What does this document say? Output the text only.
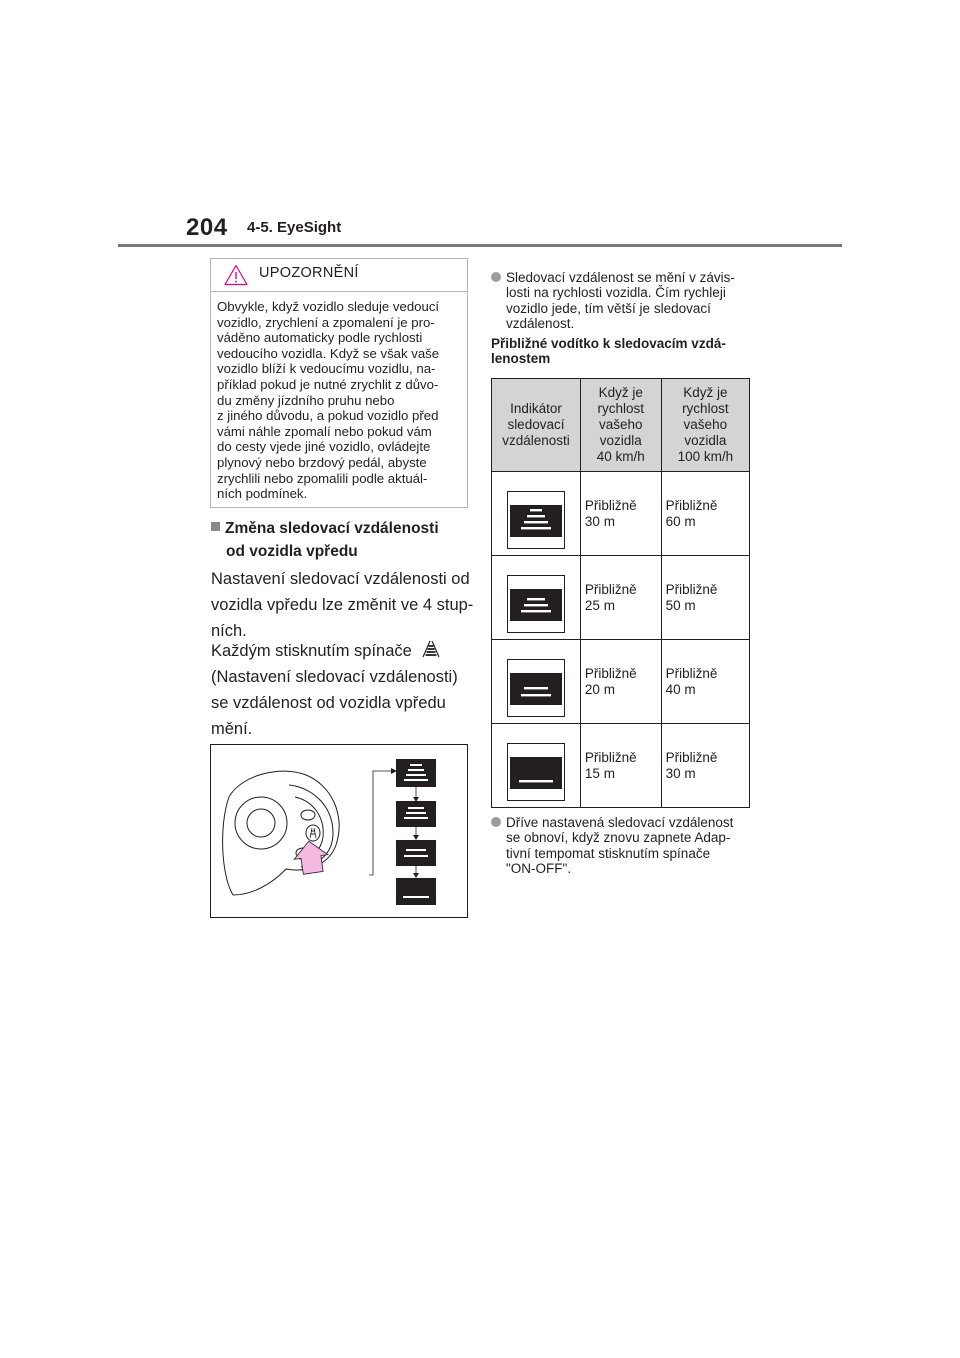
204 4-5. EyeSight
UPOZORNĚNÍ
Obvykle, když vozidlo sleduje vedoucí
vozidlo, zrychlení a zpomalení je pro-
váděno automaticky podle rychlosti
vedoucího vozidla. Když se však vaše
vozidlo blíží k vedoucímu vozidlu, na-
příklad pokud je nutné zrychlit z důvo-
du změny jízdního pruhu nebo
z jiného důvodu, a pokud vozidlo před
vámi náhle zpomalí nebo pokud vám
do cesty vjede jiné vozidlo, ovládejte
plynový nebo brzdový pedál, abyste
zrychlili nebo zpomalili podle aktuál-
ních podmínek.
Změna sledovací vzdálenosti
od vozidla vpředu
Nastavení sledovací vzdálenosti od
vozidla vpředu lze změnit ve 4 stup-
ních.
Každým stisknutím spínače
(Nastavení sledovací vzdálenosti)
se vzdálenost od vozidla vpředu
mění.
Sledovací vzdálenost se mění v závis-
losti na rychlosti vozidla. Čím rychleji
vozidlo jede, tím větší je sledovací
vzdálenost.
Přibližné vodítko k sledovacím vzdá-
lenostem
Indikátor
sledovací
vzdálenosti	Když je
rychlost
vašeho
vozidla
40 km/h	Když je
rychlost
vašeho
vozidla
100 km/h

	Přibližně
30 m	Přibližně
60 m

	Přibližně
25 m	Přibližně
50 m

	Přibližně
20 m	Přibližně
40 m

	Přibližně
15 m	Přibližně
30 m
Dříve nastavená sledovací vzdálenost
se obnoví, když znovu zapnete Adap-
tivní tempomat stisknutím spínače
"ON-OFF".
